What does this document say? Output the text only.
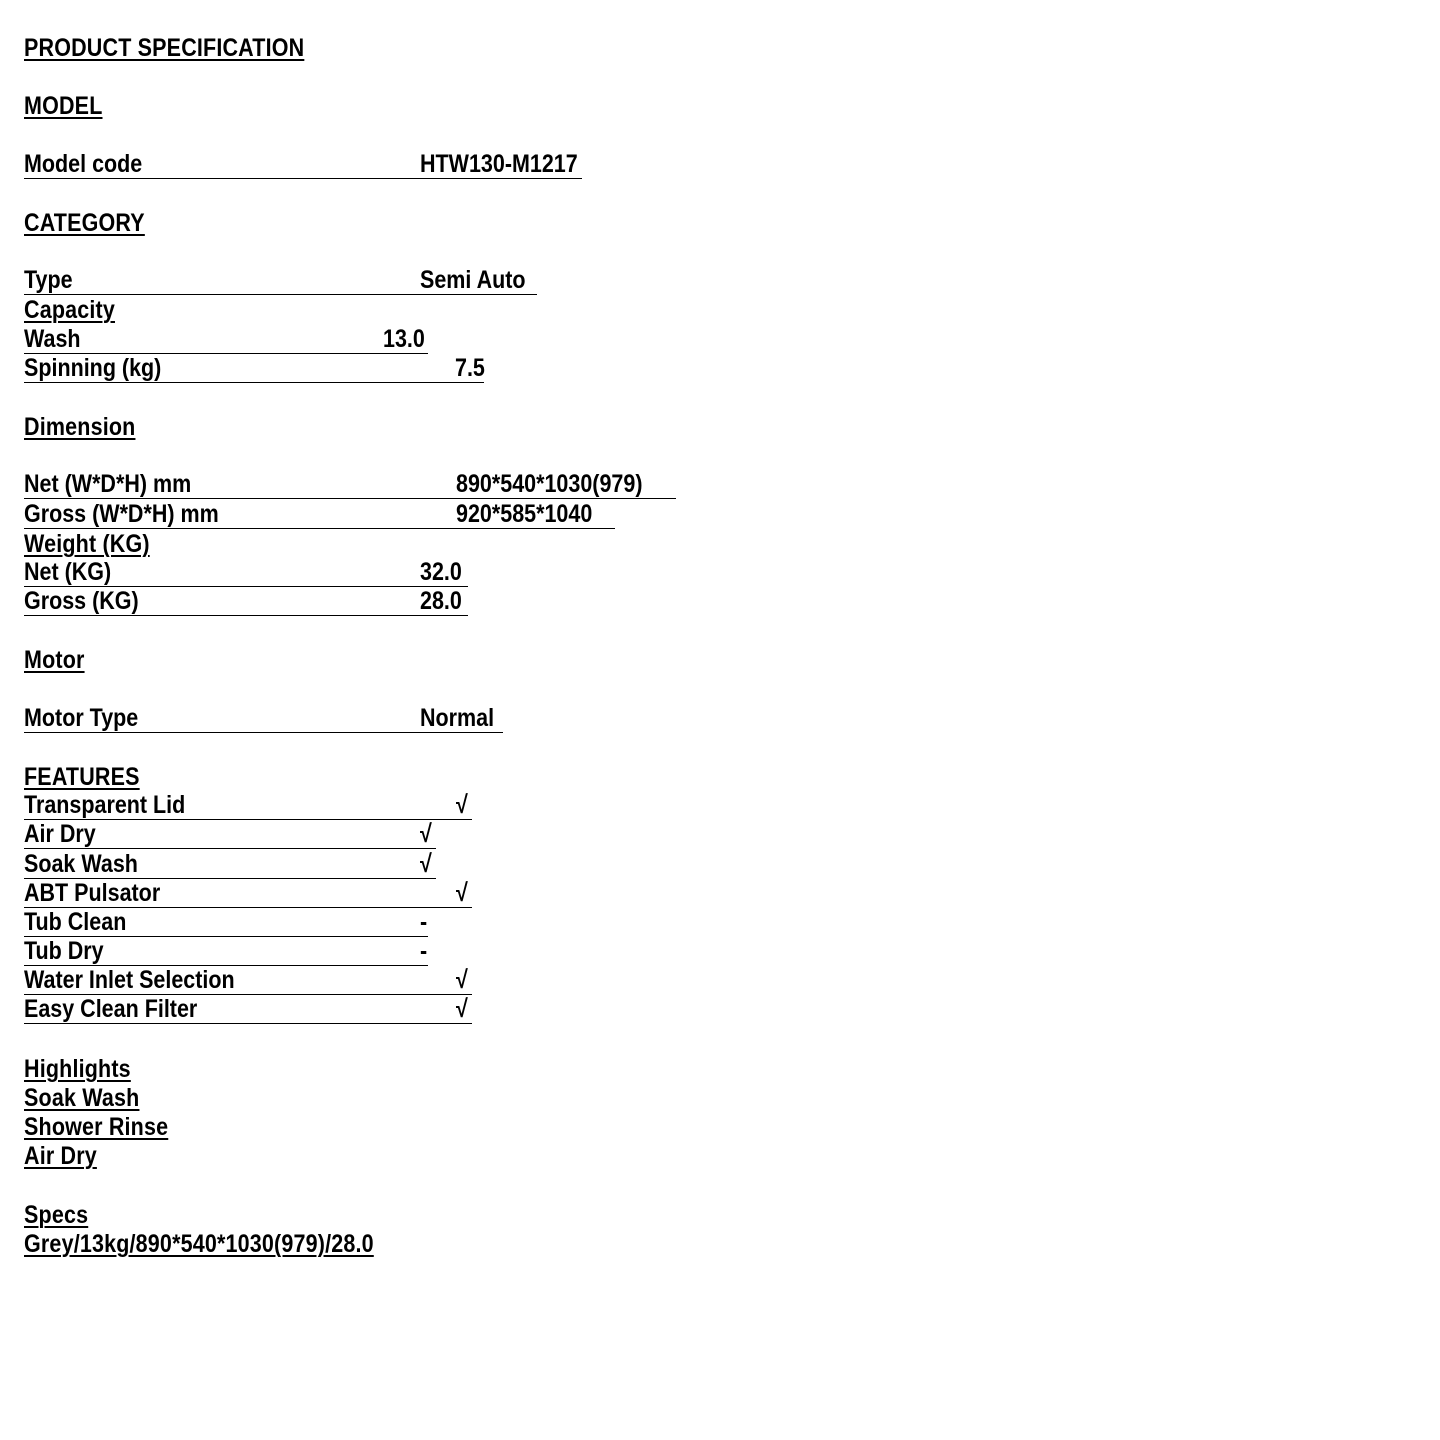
PRODUCT SPECIFICATION
MODEL
Model code	HTW130-M1217
CATEGORY
Type	Semi Auto
Capacity
Wash	13.0
Spinning (kg)	7.5
Dimension
Net (W*D*H) mm	890*540*1030(979)
Gross (W*D*H) mm	920*585*1040
Weight (KG)
Net (KG)	32.0
Gross (KG)	28.0
Motor
Motor Type	Normal
FEATURES
Transparent Lid	√
Air Dry	√
Soak Wash	√
ABT Pulsator	√
Tub Clean	-
Tub Dry	-
Water Inlet Selection	√
Easy Clean Filter	√
Highlights
Soak Wash
Shower Rinse
Air Dry
Specs
Grey/13kg/890*540*1030(979)/28.0
